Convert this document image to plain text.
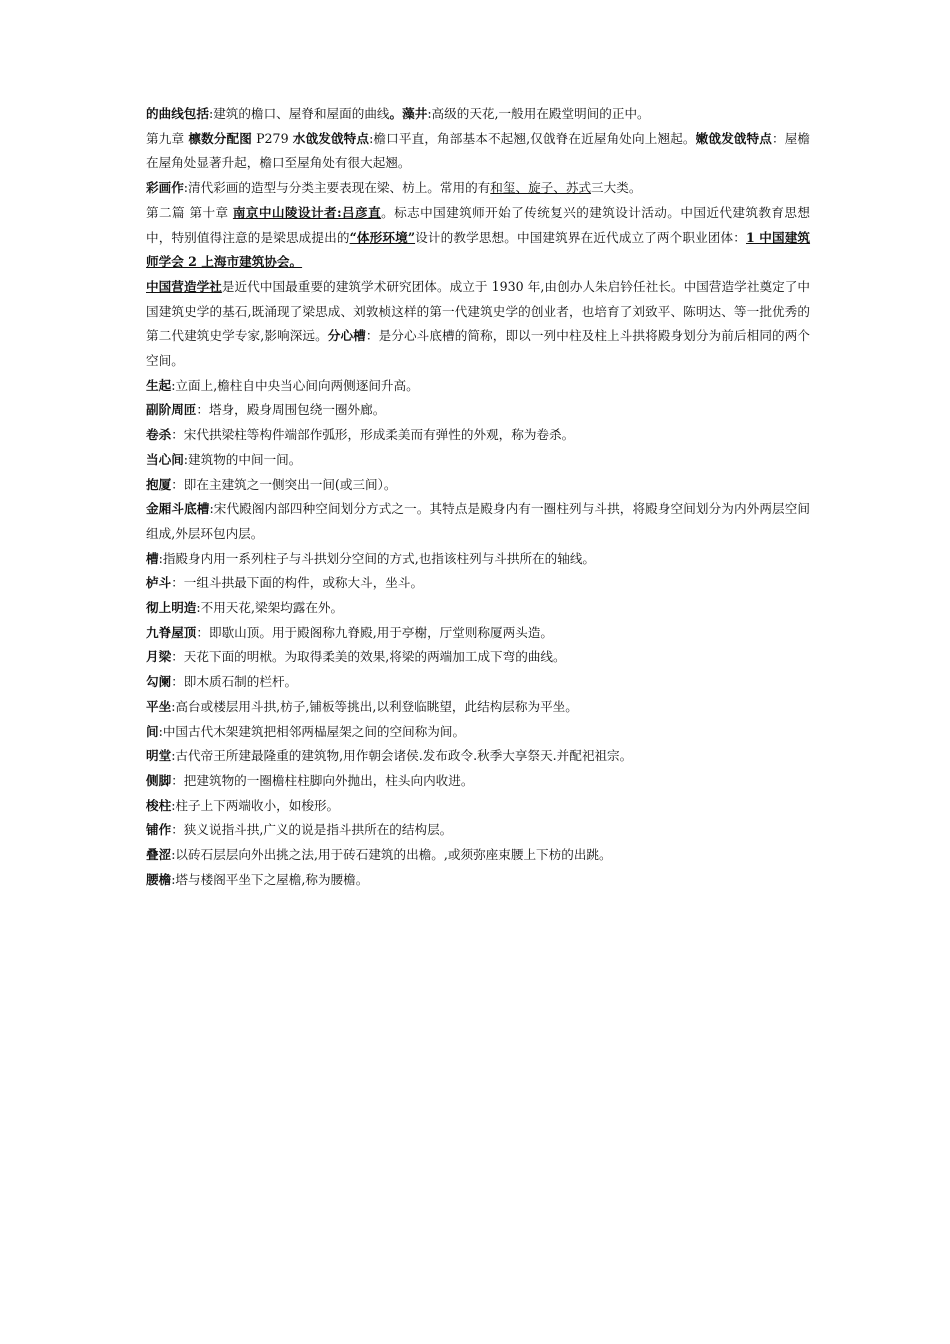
的曲线包括:建筑的檐口、屋脊和屋面的曲线。藻井:高级的天花,一般用在殿堂明间的正中。

第九章 檩数分配图 P279 水戗发戗特点:檐口平直，角部基本不起翘,仅戗脊在近屋角处向上翘起。嫩戗发戗特点：屋檐在屋角处显著升起，檐口至屋角处有很大起翘。

彩画作:清代彩画的造型与分类主要表现在梁、枋上。常用的有和玺、旋子、苏式三大类。

第二篇 第十章 南京中山陵设计者:吕彦直。标志中国建筑师开始了传统复兴的建筑设计活动。中国近代建筑教育思想中，特别值得注意的是梁思成提出的“体形环境”设计的教学思想。中国建筑界在近代成立了两个职业团体：1 中国建筑师学会 2 上海市建筑协会。

中国营造学社是近代中国最重要的建筑学术研究团体。成立于 1930 年,由创办人朱启钤任社长。中国营造学社奠定了中国建筑史学的基石,既涌现了梁思成、刘敦桢这样的第一代建筑史学的创业者，也培育了刘致平、陈明达、等一批优秀的第二代建筑史学专家,影响深远。分心槽：是分心斗底槽的简称，即以一列中柱及柱上斗拱将殿身划分为前后相同的两个空间。

生起:立面上,檐柱自中央当心间向两侧逐间升高。

副阶周匝：塔身，殿身周围包绕一圈外廊。

卷杀：宋代拱梁柱等构件端部作弧形，形成柔美而有弹性的外观，称为卷杀。

当心间:建筑物的中间一间。

抱厦：即在主建筑之一侧突出一间(或三间）。

金厢斗底槽:宋代殿阁内部四种空间划分方式之一。其特点是殿身内有一圈柱列与斗拱，将殿身空间划分为内外两层空间组成,外层环包内层。

槽:指殿身内用一系列柱子与斗拱划分空间的方式,也指该柱列与斗拱所在的轴线。

栌斗：一组斗拱最下面的构件，或称大斗，坐斗。

彻上明造:不用天花,梁架均露在外。

九脊屋顶：即歇山顶。用于殿阁称九脊殿,用于亭榭，厅堂则称厦两头造。

月梁：天花下面的明栿。为取得柔美的效果,将梁的两端加工成下弯的曲线。

勾阑：即木质石制的栏杆。

平坐:高台或楼层用斗拱,枋子,铺板等挑出,以利登临眺望，此结构层称为平坐。

间:中国古代木架建筑把相邻两榀屋架之间的空间称为间。

明堂:古代帝王所建最隆重的建筑物,用作朝会诸侯.发布政令.秋季大享祭天.并配祀祖宗。

侧脚：把建筑物的一圈檐柱柱脚向外抛出，柱头向内收进。

梭柱:柱子上下两端收小，如梭形。

铺作：狭义说指斗拱,广义的说是指斗拱所在的结构层。

叠涩:以砖石层层向外出挑之法,用于砖石建筑的出檐。,或须弥座束腰上下枋的出跳。

腰檐:塔与楼阁平坐下之屋檐,称为腰檐。
